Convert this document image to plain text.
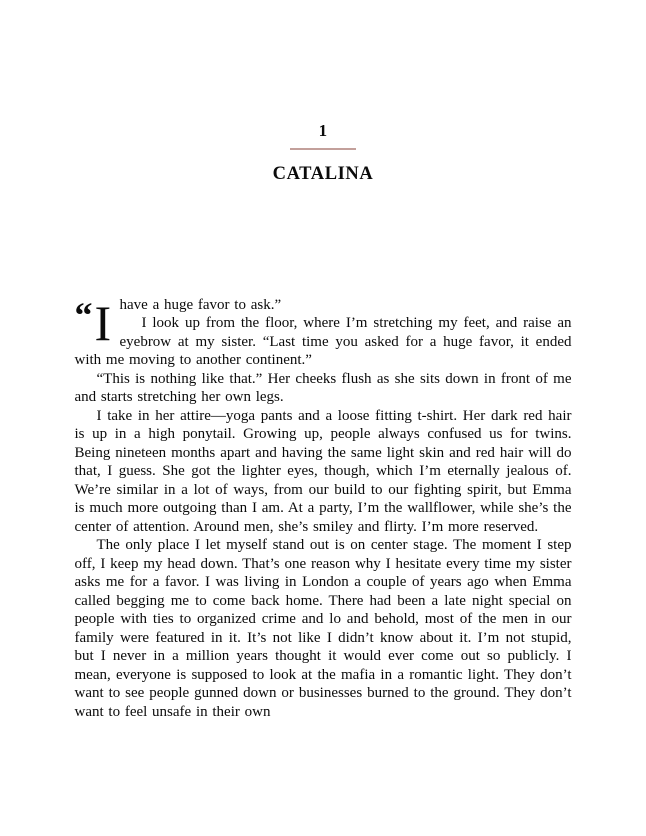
1
CATALINA

“ I have a huge favor to ask.”

I look up from the floor, where I’m stretching my feet, and raise an eyebrow at my sister. “Last time you asked for a huge favor, it ended with me moving to another continent.”

“This is nothing like that.” Her cheeks flush as she sits down in front of me and starts stretching her own legs.

I take in her attire—yoga pants and a loose fitting t-shirt. Her dark red hair is up in a high ponytail. Growing up, people always confused us for twins. Being nineteen months apart and having the same light skin and red hair will do that, I guess. She got the lighter eyes, though, which I’m eternally jealous of. We’re similar in a lot of ways, from our build to our fighting spirit, but Emma is much more outgoing than I am. At a party, I’m the wallflower, while she’s the center of attention. Around men, she’s smiley and flirty. I’m more reserved.

The only place I let myself stand out is on center stage. The moment I step off, I keep my head down. That’s one reason why I hesitate every time my sister asks me for a favor. I was living in London a couple of years ago when Emma called begging me to come back home. There had been a late night special on people with ties to organized crime and lo and behold, most of the men in our family were featured in it. It’s not like I didn’t know about it. I’m not stupid, but I never in a million years thought it would ever come out so publicly. I mean, everyone is supposed to look at the mafia in a romantic light. They don’t want to see people gunned down or businesses burned to the ground. They don’t want to feel unsafe in their own
